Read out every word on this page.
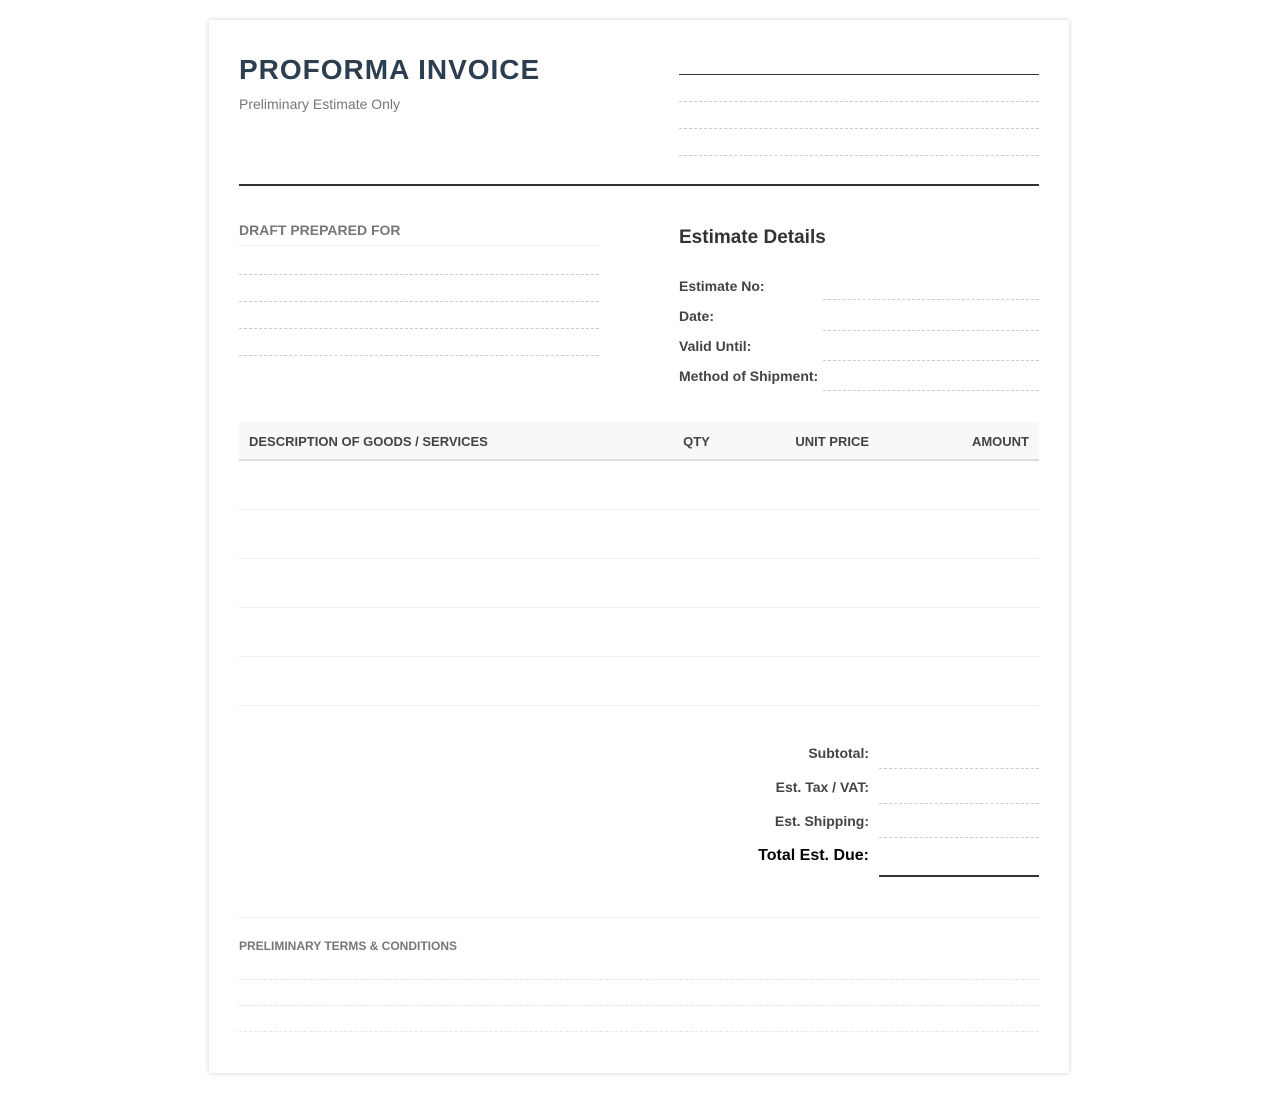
PROFORMA INVOICE
Preliminary Estimate Only
DRAFT PREPARED FOR	Estimate Details
Estimate No:
Date:
Valid Until:
Method of Shipment:
DESCRIPTION OF GOODS / SERVICES	QTY	UNIT PRICE	AMOUNT
Subtotal:
Est. Tax / VAT:
Est. Shipping:
Total Est. Due:
PRELIMINARY TERMS & CONDITIONS
